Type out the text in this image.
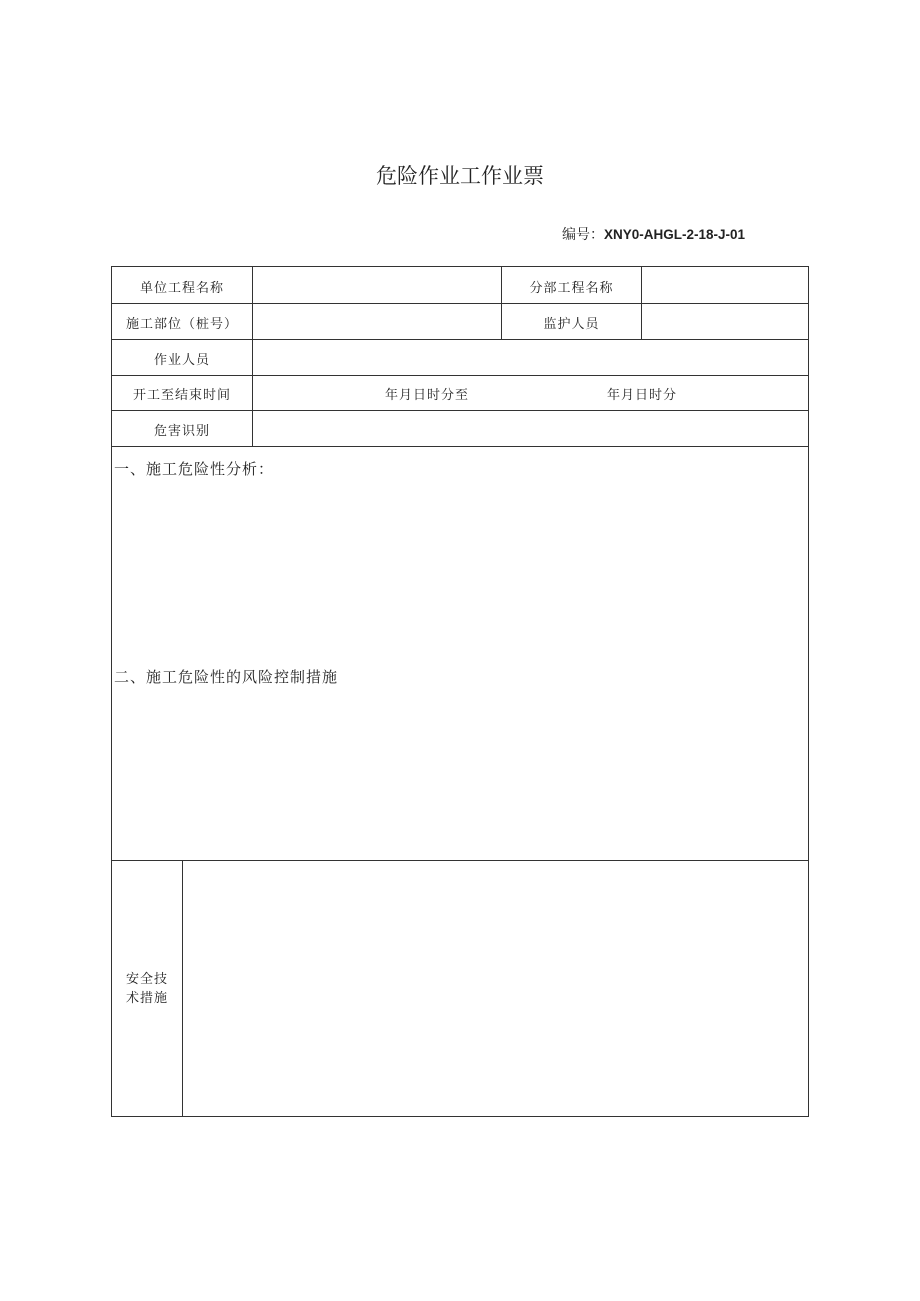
危险作业工作业票
编号：XNY0-AHGL-2-18-J-01
单位工程名称	分部工程名称
施工部位（桩号）	监护人员
作业人员
开工至结束时间	年月日时分至	年月日时分
危害识别
一、施工危险性分析：
二、施工危险性的风险控制措施
安全技
术措施
